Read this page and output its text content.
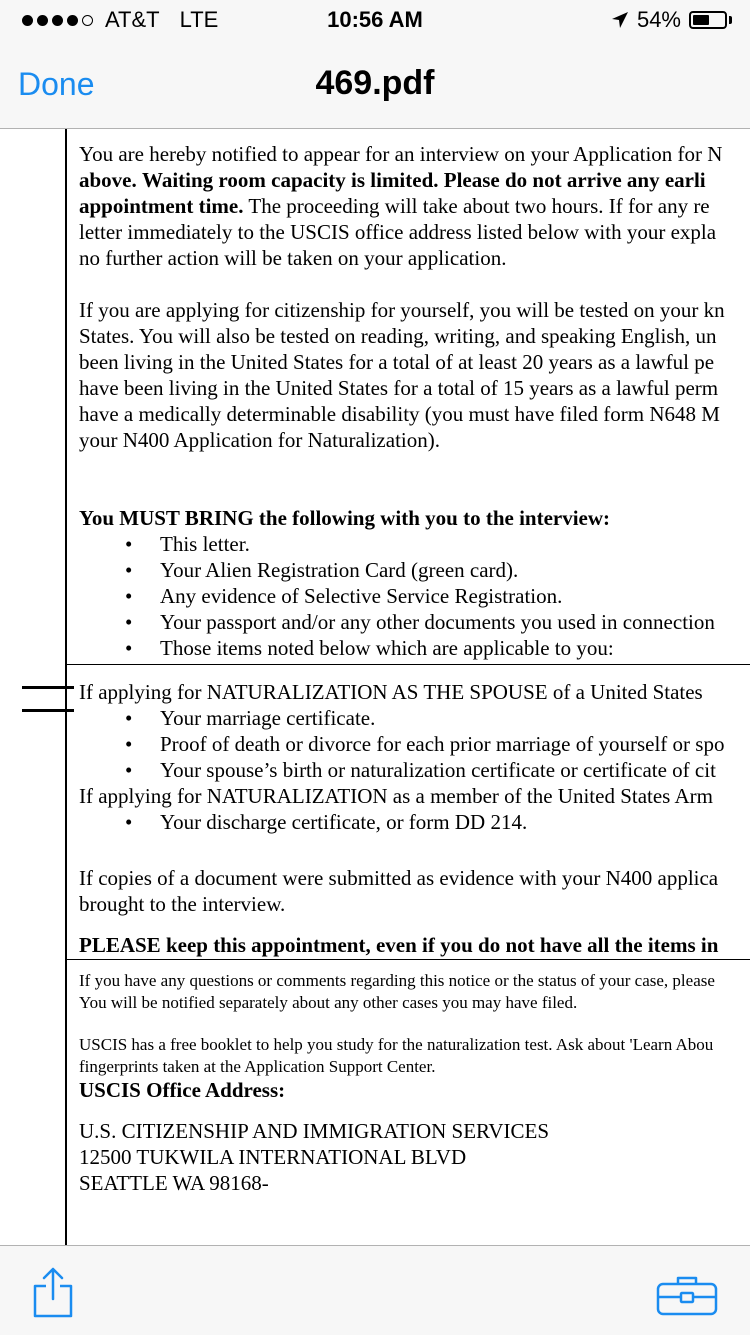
AT&T LTE	10:56 AM	54%
Done	469.pdf

You are hereby notified to appear for an interview on your Application for N

above. Waiting room capacity is limited. Please do not arrive any earli

appointment time. The proceeding will take about two hours. If for any re

letter immediately to the USCIS office address listed below with your expla

no further action will be taken on your application.

If you are applying for citizenship for yourself, you will be tested on your kn

States. You will also be tested on reading, writing, and speaking English, un

been living in the United States for a total of at least 20 years as a lawful pe

have been living in the United States for a total of 15 years as a lawful perm

have a medically determinable disability (you must have filed form N648 M

your N400 Application for Naturalization).

You MUST BRING the following with you to the interview:

• This letter.
• Your Alien Registration Card (green card).
• Any evidence of Selective Service Registration.
• Your passport and/or any other documents you used in connection
• Those items noted below which are applicable to you:

If applying for NATURALIZATION AS THE SPOUSE of a United States

• Your marriage certificate.
• Proof of death or divorce for each prior marriage of yourself or spo
• Your spouse’s birth or naturalization certificate or certificate of cit

If applying for NATURALIZATION as a member of the United States Arm

• Your discharge certificate, or form DD 214.

If copies of a document were submitted as evidence with your N400 applica

brought to the interview.

PLEASE keep this appointment, even if you do not have all the items in

If you have any questions or comments regarding this notice or the status of your case, please

You will be notified separately about any other cases you may have filed.

USCIS has a free booklet to help you study for the naturalization test. Ask about 'Learn Abou

fingerprints taken at the Application Support Center.

USCIS Office Address:

U.S. CITIZENSHIP AND IMMIGRATION SERVICES

12500 TUKWILA INTERNATIONAL BLVD

SEATTLE WA 98168-
